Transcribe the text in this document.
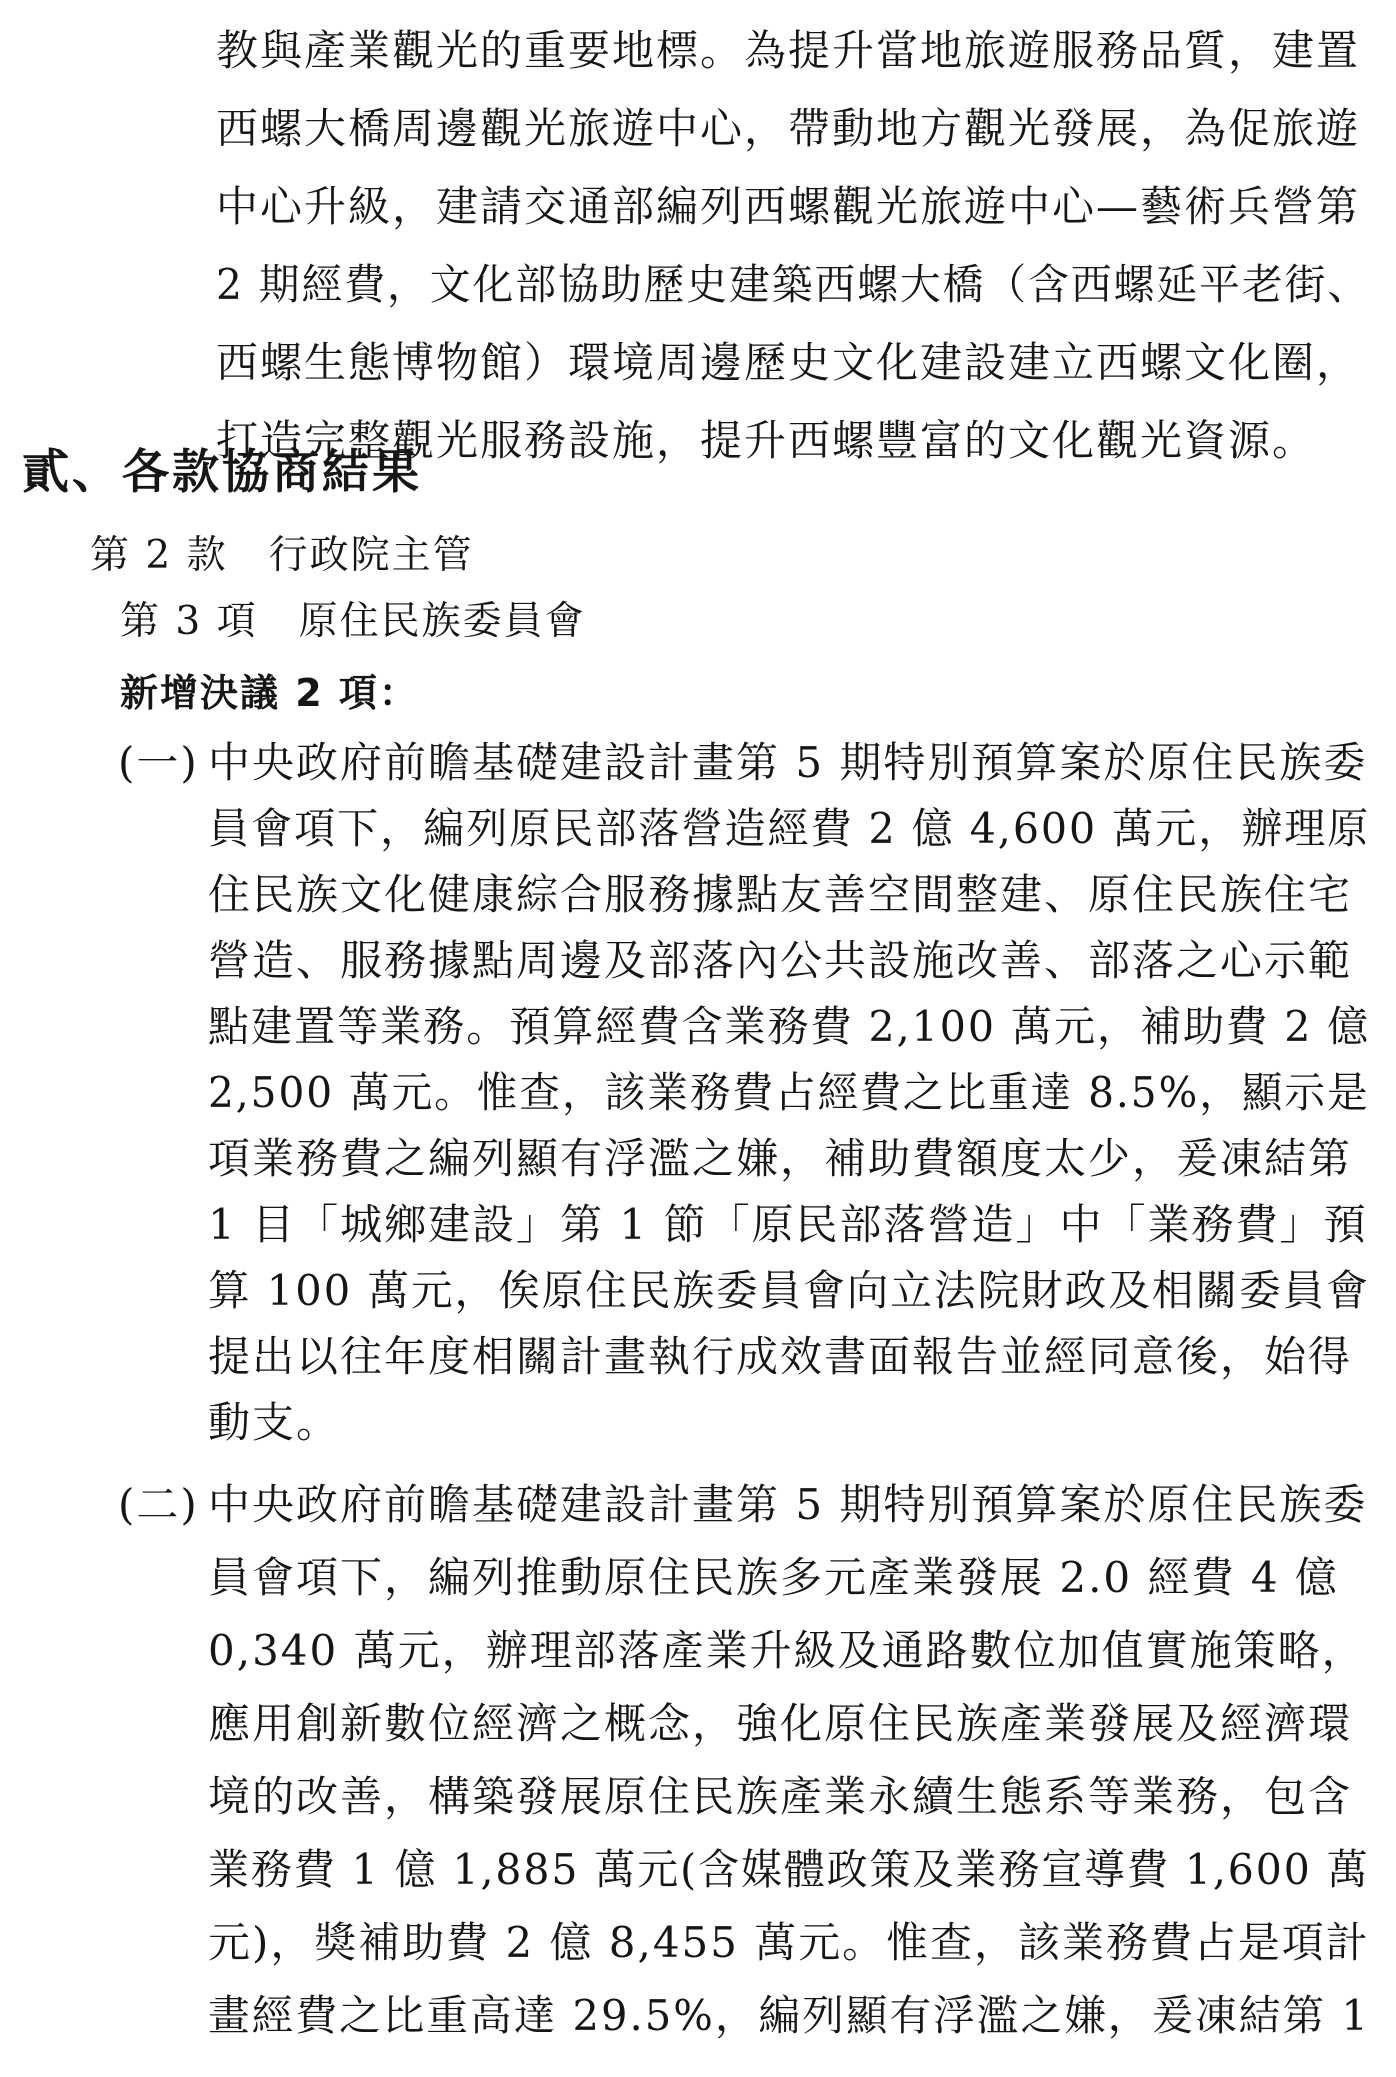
教與產業觀光的重要地標。為提升當地旅遊服務品質，建置
西螺大橋周邊觀光旅遊中心，帶動地方觀光發展，為促旅遊
中心升級，建請交通部編列西螺觀光旅遊中心—藝術兵營第
2 期經費，文化部協助歷史建築西螺大橋（含西螺延平老街、
西螺生態博物館）環境周邊歷史文化建設建立西螺文化圈，
打造完整觀光服務設施，提升西螺豐富的文化觀光資源。
貳、各款協商結果
第 2 款　行政院主管
第 3 項　原住民族委員會
新增決議 2 項：
(一) 中央政府前瞻基礎建設計畫第 5 期特別預算案於原住民族委
員會項下，編列原民部落營造經費 2 億 4,600 萬元，辦理原
住民族文化健康綜合服務據點友善空間整建、原住民族住宅
營造、服務據點周邊及部落內公共設施改善、部落之心示範
點建置等業務。預算經費含業務費 2,100 萬元，補助費 2 億
2,500 萬元。惟查，該業務費占經費之比重達 8.5%，顯示是
項業務費之編列顯有浮濫之嫌，補助費額度太少，爰凍結第
1 目「城鄉建設」第 1 節「原民部落營造」中「業務費」預
算 100 萬元，俟原住民族委員會向立法院財政及相關委員會
提出以往年度相關計畫執行成效書面報告並經同意後，始得
動支。
(二) 中央政府前瞻基礎建設計畫第 5 期特別預算案於原住民族委
員會項下，編列推動原住民族多元產業發展 2.0 經費 4 億
0,340 萬元，辦理部落產業升級及通路數位加值實施策略，
應用創新數位經濟之概念，強化原住民族產業發展及經濟環
境的改善，構築發展原住民族產業永續生態系等業務，包含
業務費 1 億 1,885 萬元(含媒體政策及業務宣導費 1,600 萬
元)，獎補助費 2 億 8,455 萬元。惟查，該業務費占是項計
畫經費之比重高達 29.5%，編列顯有浮濫之嫌，爰凍結第 1
